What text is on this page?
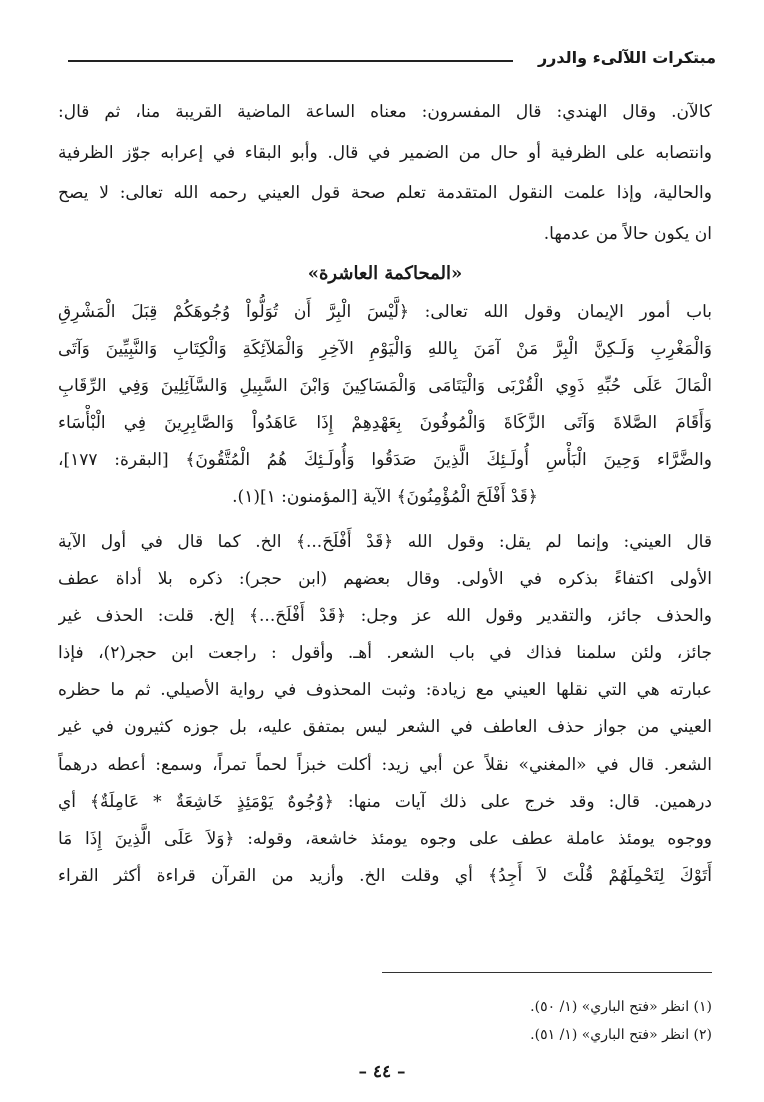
مبتكرات اللآلىء والدرر
كالآن. وقال الهندي: قال المفسرون: معناه الساعة الماضية القريبة منا، ثم قال:
وانتصابه على الظرفية أو حال من الضمير في قال. وأبو البقاء في إعرابه جوّز الظرفية
والحالية، وإذا علمت النقول المتقدمة تعلم صحة قول العيني رحمه الله تعالى: لا يصح
ان يكون حالاً من عدمها.
«المحاكمة العاشرة»
باب أمور الإيمان وقول الله تعالى: ﴿لَّيْسَ الْبِرَّ أَن تُوَلُّواْ وُجُوهَكُمْ قِبَلَ الْمَشْرِقِ
وَالْمَغْرِبِ وَلَـكِنَّ الْبِرَّ مَنْ آمَنَ بِاللهِ وَالْيَوْمِ الآخِرِ وَالْمَلآئِكَةِ وَالْكِتَابِ وَالنَّبِيِّينَ وَآتَى
الْمَالَ عَلَى حُبِّهِ ذَوِي الْقُرْبَى وَالْيَتَامَى وَالْمَسَاكِينَ وَابْنَ السَّبِيلِ وَالسَّآئِلِينَ وَفِي الرِّقَابِ
وَأَقَامَ الصَّلاةَ وَآتَى الزَّكَاةَ وَالْمُوفُونَ بِعَهْدِهِمْ إِذَا عَاهَدُواْ وَالصَّابِرِينَ فِي الْبْأْسَاء
والضَّرَّاء وَحِينَ الْبَأْسِ أُولَـئِكَ الَّذِينَ صَدَقُوا وَأُولَـئِكَ هُمُ الْمُتَّقُونَ﴾ [البقرة: ١٧٧]،
﴿قَدْ أَفْلَحَ الْمُؤْمِنُونَ﴾ الآية [المؤمنون: ١](١).
قال العيني: وإنما لم يقل: وقول الله ﴿قَدْ أَفْلَحَ...﴾ الخ. كما قال في أول الآية
الأولى اكتفاءً بذكره في الأولى. وقال بعضهم (ابن حجر): ذكره بلا أداة عطف
والحذف جائز، والتقدير وقول الله عز وجل: ﴿قَدْ أَفْلَحَ...﴾ إلخ. قلت: الحذف غير
جائز، ولئن سلمنا فذاك في باب الشعر. أهـ. وأقول : راجعت ابن حجر(٢)، فإذا
عبارته هي التي نقلها العيني مع زيادة: وثبت المحذوف في رواية الأصيلي. ثم ما حظره
العيني من جواز حذف العاطف في الشعر ليس بمتفق عليه، بل جوزه كثيرون في غير
الشعر. قال في «المغني» نقلاً عن أبي زيد: أكلت خبزاً لحماً تمراً، وسمع: أعطه درهماً
درهمين. قال: وقد خرج على ذلك آيات منها: ﴿وُجُوهٌ يَوْمَئِذٍ خَاشِعَةٌ * عَامِلَةٌ﴾ أي
ووجوه يومئذ عاملة عطف على وجوه يومئذ خاشعة، وقوله: ﴿وَلاَ عَلَى الَّذِينَ إِذَا مَا
أَتَوْكَ لِتَحْمِلَهُمْ قُلْتَ لاَ أَجِدُ﴾ أي وقلت الخ. وأزيد من القرآن قراءة أكثر القراء
(١) انظر «فتح الباري» (١/ ٥٠).
(٢) انظر «فتح الباري» (١/ ٥١).
– ٤٤ –
